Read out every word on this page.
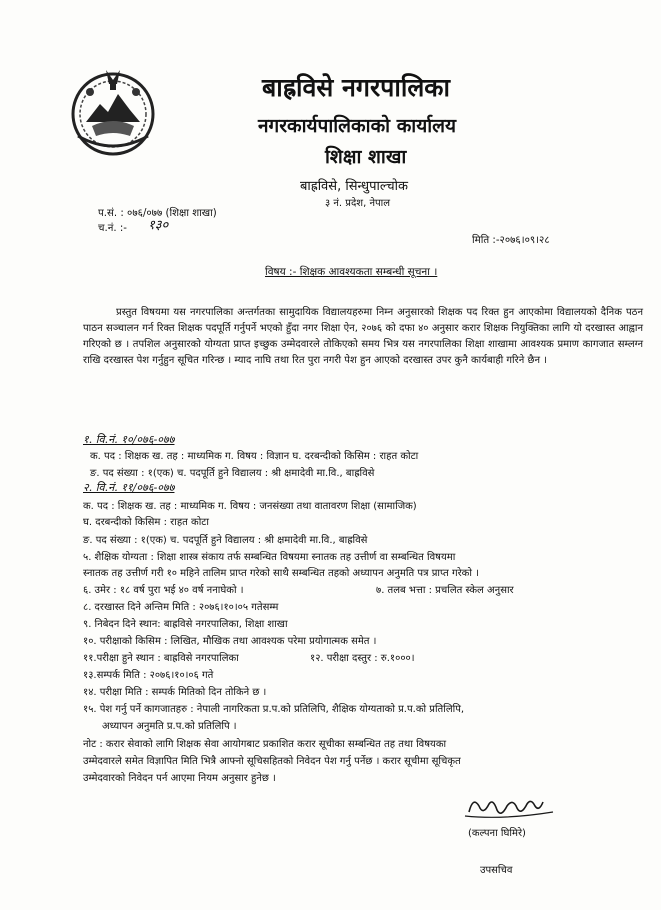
बाह्रविसे नगरपालिका
नगरकार्यपालिकाको कार्यालय
शिक्षा शाखा
बाह्रविसे, सिन्धुपाल्चोक
३ नं. प्रदेश, नेपाल
प.सं. : ०७६/०७७ (शिक्षा शाखा)
च.नं. :- १३०
मिति :-२०७६।०९।२८
विषय :- शिक्षक आवश्यकता सम्बन्धी सूचना ।
प्रस्तुत विषयमा यस नगरपालिका अन्तर्गतका सामुदायिक विद्यालयहरुमा निम्न अनुसारको शिक्षक पद रिक्त हुन आएकोमा विद्यालयको दैनिक पठन पाठन सञ्चालन गर्न रिक्त शिक्षक पदपूर्ति गर्नुपर्ने भएको हुँदा नगर शिक्षा ऐन, २०७६ को दफा ४० अनुसार करार शिक्षक नियुक्तिका लागि यो दरखास्त आह्वान गरिएको छ । तपशिल अनुसारको योग्यता प्राप्त इच्छुक उम्मेदवारले तोकिएको समय भित्र यस नगरपालिका शिक्षा शाखामा आवश्यक प्रमाण कागजात सम्लग्न राखि दरखास्त पेश गर्नुहुन सूचित गरिन्छ । म्याद नाघि तथा रित पुरा नगरी पेश हुन आएको दरखास्त उपर कुनै कार्यबाही गरिने छैन ।
१. वि.नं. १०/०७६-०७७
क. पद : शिक्षक ख. तह : माध्यमिक ग. विषय : विज्ञान घ. दरबन्दीको किसिम : राहत कोटा
ङ. पद संख्या : १(एक) च. पदपूर्ति हुने विद्यालय : श्री क्षमादेवी मा.वि., बाह्रविसे
२. वि.नं. ११/०७६-०७७
क. पद : शिक्षक ख. तह : माध्यमिक ग. विषय : जनसंख्या तथा वातावरण शिक्षा (सामाजिक)
घ. दरबन्दीको किसिम : राहत कोटा
ङ. पद संख्या : १(एक) च. पदपूर्ति हुने विद्यालय : श्री क्षमादेवी मा.वि., बाह्रविसे
५. शैक्षिक योग्यता : शिक्षा शास्त्र संकाय तर्फ सम्बन्धित विषयमा स्नातक तह उत्तीर्ण वा सम्बन्धित विषयमा
स्नातक तह उत्तीर्ण गरी १० महिने तालिम प्राप्त गरेको साथै सम्बन्धित तहको अध्यापन अनुमति पत्र प्राप्त गरेको ।
६. उमेर : १८ वर्ष पुरा भई ४० वर्ष ननाघेको ।	७. तलब भत्ता : प्रचलित स्केल अनुसार
८. दरखास्त दिने अन्तिम मिति : २०७६।१०।०५ गतेसम्म
९. निबेदन दिने स्थान: बाह्रविसे नगरपालिका, शिक्षा शाखा
१०. परीक्षाको किसिम : लिखित, मौखिक तथा आवश्यक परेमा प्रयोगात्मक समेत ।
११.परीक्षा हुने स्थान : बाह्रविसे नगरपालिका	१२. परीक्षा दस्तुर : रु.१०००।
१३.सम्पर्क मिति : २०७६।१०।०६ गते
१४. परीक्षा मिति : सम्पर्क मितिको दिन तोकिने छ ।
१५. पेश गर्नु पर्ने कागजातहरु : नेपाली नागरिकता प्र.प.को प्रतिलिपि, शैक्षिक योग्यताको प्र.प.को प्रतिलिपि,
अध्यापन अनुमति प्र.प.को प्रतिलिपि ।
नोट : करार सेवाको लागि शिक्षक सेवा आयोगबाट प्रकाशित करार सूचीका सम्बन्धित तह तथा विषयका
उम्मेदवारले समेत विज्ञापित मिति भित्रै आफ्नो सूचिसहितको निवेदन पेश गर्नु पर्नेछ । करार सूचीमा सूचिकृत
उम्मेदवारको निवेदन पर्न आएमा नियम अनुसार हुनेछ ।
(कल्पना घिमिरे)
उपसचिव
